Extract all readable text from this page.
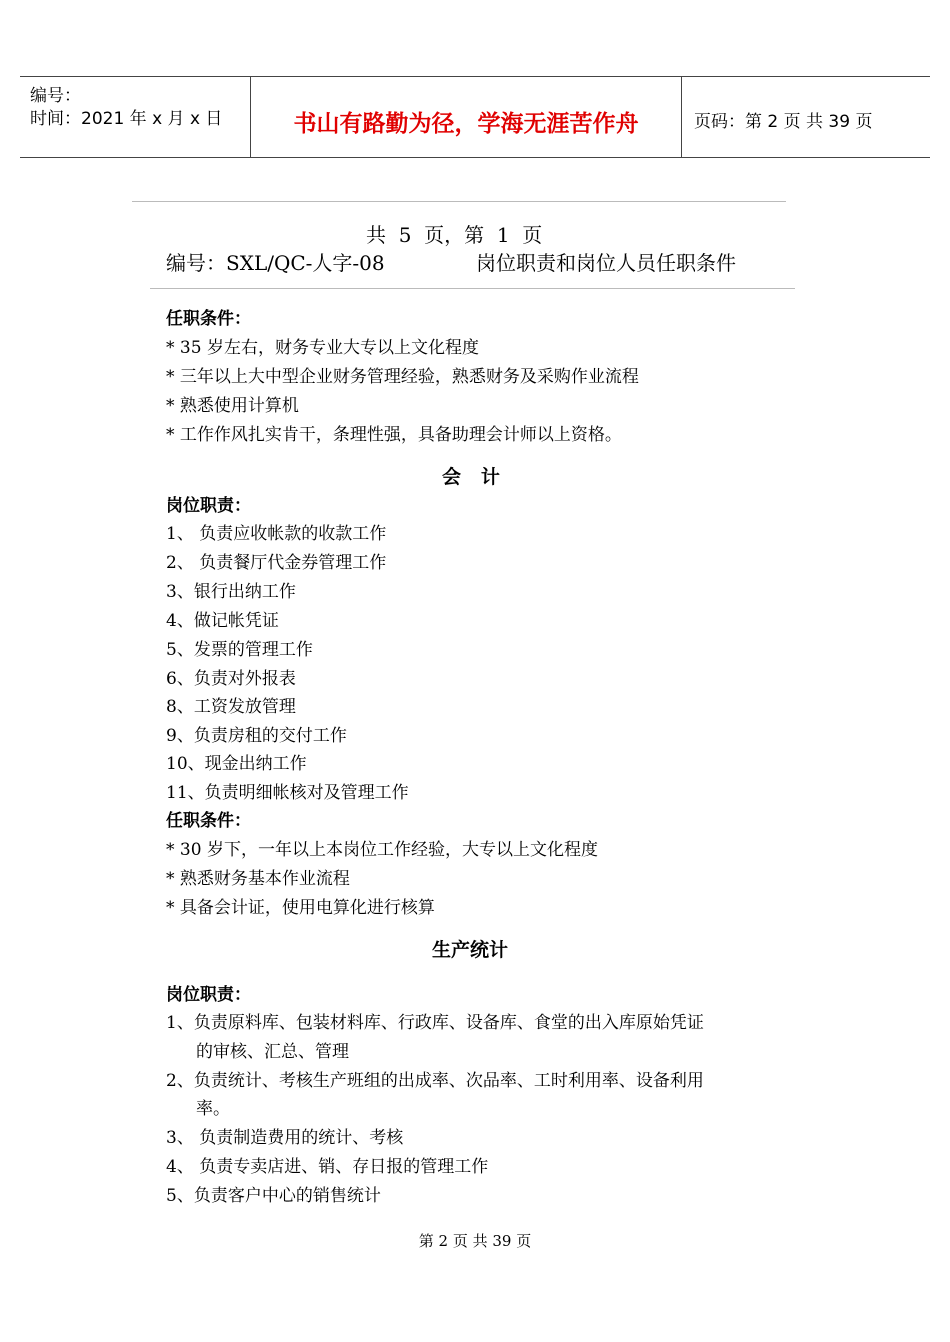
编号：
时间：2021 年 x 月 x 日	书山有路勤为径，学海无涯苦作舟	页码：第 2 页 共 39 页
共  5  页，第  1  页
编号：SXL/QC-人字-08	岗位职责和岗位人员任职条件
任职条件：
* 35 岁左右，财务专业大专以上文化程度
* 三年以上大中型企业财务管理经验，熟悉财务及采购作业流程
* 熟悉使用计算机
* 工作作风扎实肯干，条理性强，具备助理会计师以上资格。
会   计
岗位职责：
1、 负责应收帐款的收款工作
2、 负责餐厅代金券管理工作
3、银行出纳工作
4、做记帐凭证
5、发票的管理工作
6、负责对外报表
8、工资发放管理
9、负责房租的交付工作
10、现金出纳工作
11、负责明细帐核对及管理工作
任职条件：
* 30 岁下，一年以上本岗位工作经验，大专以上文化程度
* 熟悉财务基本作业流程
* 具备会计证，使用电算化进行核算
生产统计
岗位职责：
1、负责原料库、包装材料库、行政库、设备库、食堂的出入库原始凭证
的审核、汇总、管理
2、负责统计、考核生产班组的出成率、次品率、工时利用率、设备利用
率。
3、 负责制造费用的统计、考核
4、 负责专卖店进、销、存日报的管理工作
5、负责客户中心的销售统计
第 2 页 共 39 页
